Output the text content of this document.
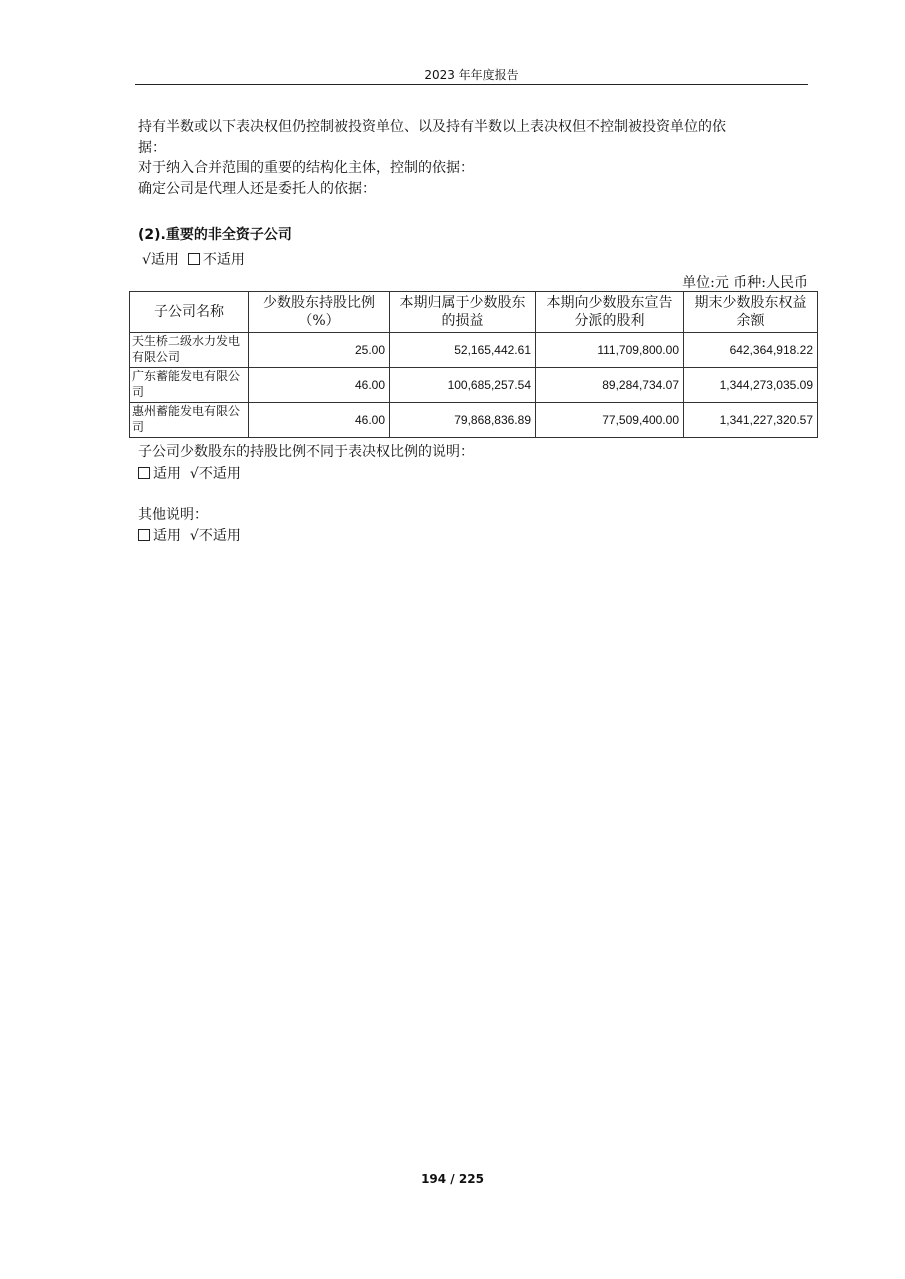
2023 年年度报告
持有半数或以下表决权但仍控制被投资单位、以及持有半数以上表决权但不控制被投资单位的依
据：
对于纳入合并范围的重要的结构化主体，控制的依据：
确定公司是代理人还是委托人的依据：
(2).重要的非全资子公司
√适用 不适用
单位:元 币种:人民币
子公司名称	少数股东持股比例（%）	本期归属于少数股东的损益	本期向少数股东宣告分派的股利	期末少数股东权益余额
天生桥二级水力发电有限公司	25.00	52,165,442.61	111,709,800.00	642,364,918.22
广东蓄能发电有限公司	46.00	100,685,257.54	89,284,734.07	1,344,273,035.09
惠州蓄能发电有限公司	46.00	79,868,836.89	77,509,400.00	1,341,227,320.57
子公司少数股东的持股比例不同于表决权比例的说明：
适用 √不适用
其他说明：
适用 √不适用
194 / 225
